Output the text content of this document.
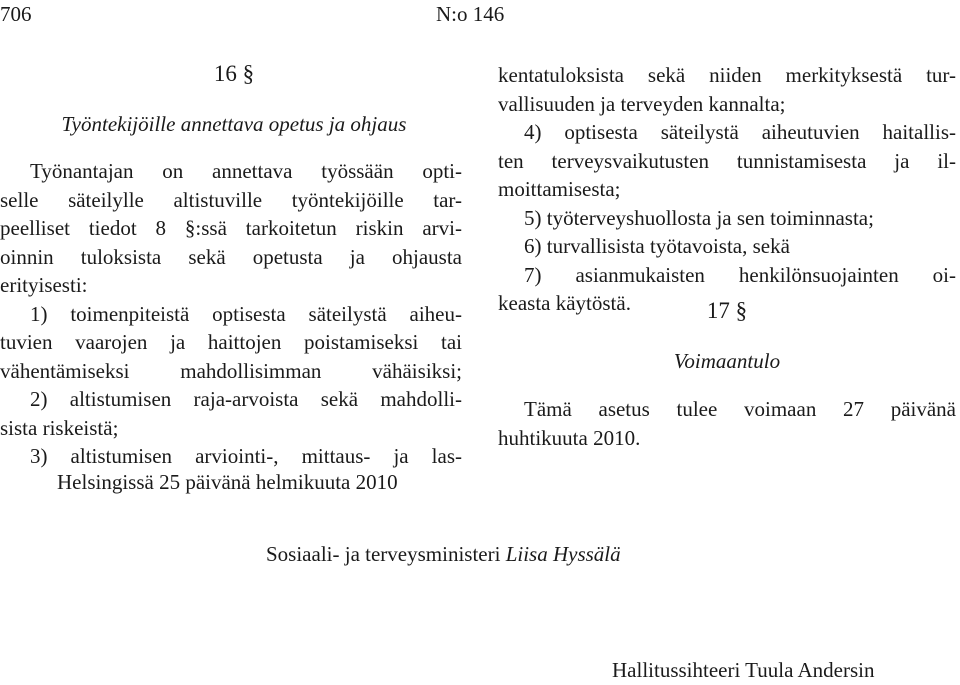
706	N:o 146
16 §
Työntekijöille annettava opetus ja ohjaus
Työnantajan on annettava työssään opti-
selle säteilylle altistuville työntekijöille tar-
peelliset tiedot 8 §:ssä tarkoitetun riskin arvi-
oinnin tuloksista sekä opetusta ja ohjausta
erityisesti:
1) toimenpiteistä optisesta säteilystä aiheu-
tuvien vaarojen ja haittojen poistamiseksi tai
vähentämiseksi mahdollisimman vähäisiksi;
2) altistumisen raja-arvoista sekä mahdolli-
sista riskeistä;
3) altistumisen arviointi-, mittaus- ja las-
kentatuloksista sekä niiden merkityksestä tur-
vallisuuden ja terveyden kannalta;
4) optisesta säteilystä aiheutuvien haitallis-
ten terveysvaikutusten tunnistamisesta ja il-
moittamisesta;
5) työterveyshuollosta ja sen toiminnasta;
6) turvallisista työtavoista, sekä
7) asianmukaisten henkilönsuojainten oi-
keasta käytöstä.	17 §
Voimaantulo
Tämä asetus tulee voimaan 27 päivänä
huhtikuuta 2010.
Helsingissä 25 päivänä helmikuuta 2010
Sosiaali- ja terveysministeri Liisa Hyssälä
Hallitussihteeri Tuula Andersin
